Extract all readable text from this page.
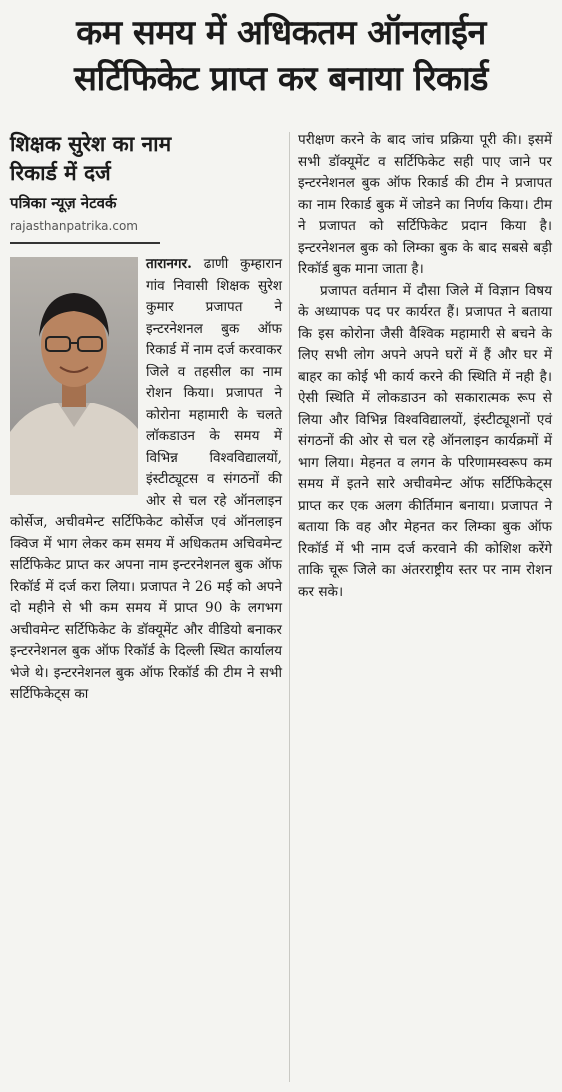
कम समय में अधिकतम ऑनलाईन
सर्टिफिकेट प्राप्त कर बनाया रिकार्ड
शिक्षक सुरेश का नाम
रिकार्ड में दर्ज
पत्रिका न्यूज़ नेटवर्क
rajasthanpatrika.com

तारानगर.
ढाणी कुम्हारान गांव निवासी शिक्षक सुरेश कुमार प्रजापत ने इन्टरनेशनल बुक ऑफ रिकार्ड में नाम दर्ज करवाकर जिले व तहसील का नाम रोशन किया। प्रजापत ने कोरोना महामारी के चलते लॉकडाउन के समय में विभिन्न विश्वविद्यालयों, इंस्टीट्यूटस व संगठनों की ओर से चल रहे ऑनलाइन कोर्सेज, अचीवमेन्ट सर्टिफिकेट कोर्सेज एवं ऑनलाइन क्विज में भाग लेकर कम समय में अधिकतम अचिवमेन्ट सर्टिफिकेट प्राप्त कर अपना नाम इन्टरनेशनल बुक ऑफ रिकॉर्ड में दर्ज करा लिया। प्रजापत ने 26 मई को अपने दो महीने से भी कम समय में प्राप्त 90 के लगभग अचीवमेन्ट सर्टिफिकेट के डॉक्यूमेंट और वीडियो बनाकर इन्टरनेशनल बुक ऑफ रिकॉर्ड के दिल्ली स्थित कार्यालय भेजे थे। इन्टरनेशनल बुक ऑफ रिकॉर्ड की टीम ने सभी सर्टिफिकेट्स का

परीक्षण करने के बाद जांच प्रक्रिया पूरी की। इसमें सभी डॉक्यूमेंट व सर्टिफिकेट सही पाए जाने पर इन्टरनेशनल बुक ऑफ रिकार्ड की टीम ने प्रजापत का नाम रिकार्ड बुक में जोडने का निर्णय किया। टीम ने प्रजापत को सर्टिफिकेट प्रदान किया है। इन्टरनेशनल बुक को लिम्का बुक के बाद सबसे बड़ी रिकॉर्ड बुक माना जाता है।

प्रजापत वर्तमान में दौसा जिले में विज्ञान विषय के अध्यापक पद पर कार्यरत हैं। प्रजापत ने बताया कि इस कोरोना जैसी वैश्विक महामारी से बचने के लिए सभी लोग अपने अपने घरों में हैं और घर में बाहर का कोई भी कार्य करने की स्थिति में नही है। ऐसी स्थिति में लोकडाउन को सकारात्मक रूप से लिया और विभिन्न विश्वविद्यालयों, इंस्टीट्यूशनों एवं संगठनों की ओर से चल रहे ऑनलाइन कार्यक्रमों में भाग लिया। मेहनत व लगन के परिणामस्वरूप कम समय में इतने सारे अचीवमेन्ट ऑफ सर्टिफिकेट्स प्राप्त कर एक अलग कीर्तिमान बनाया। प्रजापत ने बताया कि वह और मेहनत कर लिम्का बुक ऑफ रिकॉर्ड में भी नाम दर्ज करवाने की कोशिश करेंगे ताकि चूरू जिले का अंतरराष्ट्रीय स्तर पर नाम रोशन कर सके।
